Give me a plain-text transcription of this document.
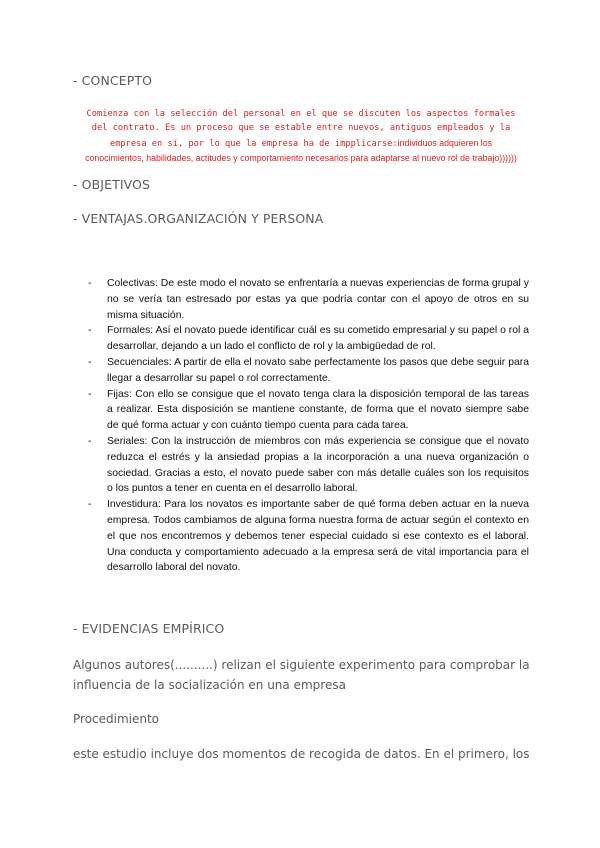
- CONCEPTO
Comienza con la selección del personal en el que se discuten los aspectos formales
del contrato. Es un proceso que se estable entre nuevos, antiguos empleados y la
empresa en sí, por lo que la empresa ha de impplicarse:individuos adquieren los
conocimientos, habilidades, actitudes y comportamiento necesarios para adaptarse al nuevo rol de trabajo))))))
- OBJETIVOS
- VENTAJAS.ORGANIZACIÓN Y PERSONA
- Colectivas: De este modo el novato se enfrentaría a nuevas experiencias de forma grupal y no se vería tan estresado por estas ya que podría contar con el apoyo de otros en su misma situación.
- Formales: Así el novato puede identificar cuál es su cometido empresarial y su papel o rol a desarrollar, dejando a un lado el conflicto de rol y la ambigüedad de rol.
- Secuenciales: A partir de ella el novato sabe perfectamente los pasos que debe seguir para llegar a desarrollar su papel o rol correctamente.
- Fijas: Con ello se consigue que el novato tenga clara la disposición temporal de las tareas a realizar. Esta disposición se mantiene constante, de forma que el novato siempre sabe de qué forma actuar y con cuánto tiempo cuenta para cada tarea.
- Seriales: Con la instrucción de miembros con más experiencia se consigue que el novato reduzca el estrés y la ansiedad propias a la incorporación a una nueva organización o sociedad. Gracias a esto, el novato puede saber con más detalle cuáles son los requisitos o los puntos a tener en cuenta en el desarrollo laboral.
- Investidura: Para los novatos es importante saber de qué forma deben actuar en la nueva empresa. Todos cambiamos de alguna forma nuestra forma de actuar según el contexto en el que nos encontremos y debemos tener especial cuidado si ese contexto es el laboral. Una conducta y comportamiento adecuado a la empresa será de vital importancia para el desarrollo laboral del novato.
- EVIDENCIAS EMPÍRICO
Algunos autores(..........) relizan el siguiente experimento para comprobar la
influencia de la socialización en una empresa
Procedimiento
este estudio incluye dos momentos de recogida de datos. En el primero, los
